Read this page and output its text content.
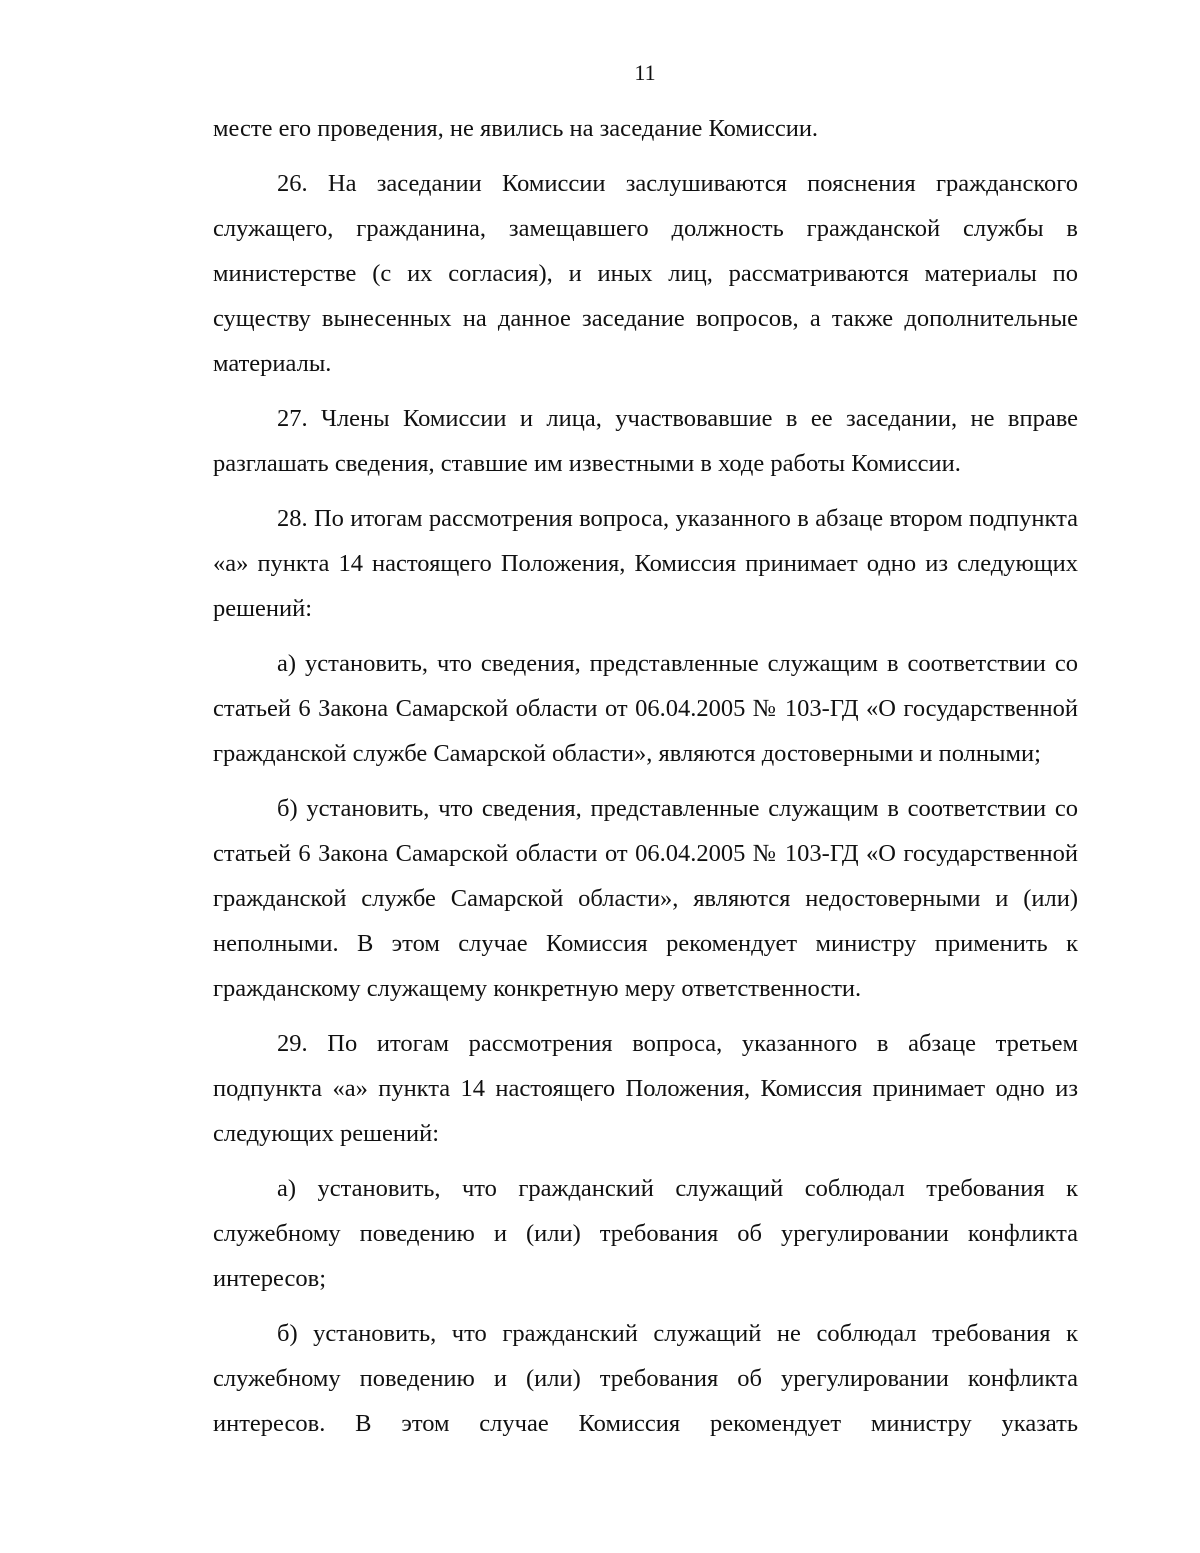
11

месте его проведения, не явились на заседание Комиссии.

26. На заседании Комиссии заслушиваются пояснения гражданского служащего, гражданина, замещавшего должность гражданской службы в министерстве (с их согласия), и иных лиц, рассматриваются материалы по существу вынесенных на данное заседание вопросов, а также дополнительные материалы.

27. Члены Комиссии и лица, участвовавшие в ее заседании, не вправе разглашать сведения, ставшие им известными в ходе работы Комиссии.

28. По итогам рассмотрения вопроса, указанного в абзаце втором подпункта «а» пункта 14 настоящего Положения, Комиссия принимает одно из следующих решений:

а) установить, что сведения, представленные служащим в соответствии со статьей 6 Закона Самарской области от 06.04.2005 № 103-ГД «О государственной гражданской службе Самарской области», являются достоверными и полными;

б) установить, что сведения, представленные служащим в соответствии со статьей 6 Закона Самарской области от 06.04.2005 № 103-ГД «О государственной гражданской службе Самарской области», являются недостоверными и (или) неполными. В этом случае Комиссия рекомендует министру применить к гражданскому служащему конкретную меру ответственности.

29. По итогам рассмотрения вопроса, указанного в абзаце третьем подпункта «а» пункта 14 настоящего Положения, Комиссия принимает одно из следующих решений:

а) установить, что гражданский служащий соблюдал требования к служебному поведению и (или) требования об урегулировании конфликта интересов;

б) установить, что гражданский служащий не соблюдал требования к служебному поведению и (или) требования об урегулировании конфликта интересов. В этом случае Комиссия рекомендует министру указать
